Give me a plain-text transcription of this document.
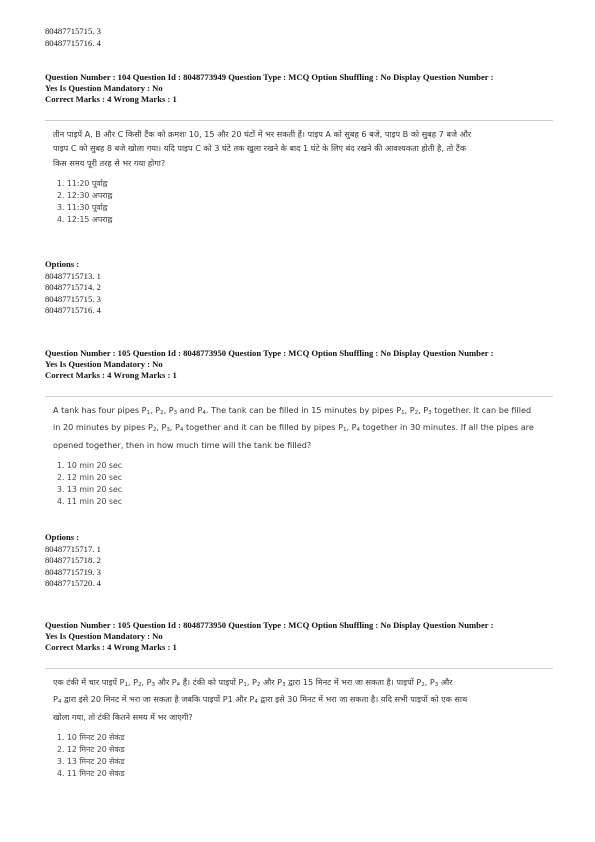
80487715715. 3
80487715716. 4
Question Number : 104 Question Id : 8048773949 Question Type : MCQ Option Shuffling : No Display Question Number :
Yes Is Question Mandatory : No
Correct Marks : 4 Wrong Marks : 1

तीन पाइपें A, B और C किसी टैंक को क्रमशः 10, 15 और 20 घंटों में भर सकती हैं। पाइप A को सुबह 6 बजे, पाइप B को सुबह 7 बजे और

पाइप C को सुबह 8 बजे खोला गया। यदि पाइप C को 3 घंटे तक खुला रखने के बाद 1 घंटे के लिए बंद रखने की आवश्यकता होती है, तो टैंक

किस समय पूरी तरह से भर गया होगा?

1. 11:20 पूर्वाह्न
2. 12:30 अपराह्न
3. 11:30 पूर्वाह्न
4. 12:15 अपराह्न
Options :
80487715713. 1
80487715714. 2
80487715715. 3
80487715716. 4
Question Number : 105 Question Id : 8048773950 Question Type : MCQ Option Shuffling : No Display Question Number :
Yes Is Question Mandatory : No
Correct Marks : 4 Wrong Marks : 1

A tank has four pipes $P_1$, $P_2$, $P_3$ and $P_4$. The tank can be filled in 15 minutes by pipes $P_1$, $P_2$, $P_3$ together. It can be filled

in 20 minutes by pipes $P_2$, $P_3$, $P_4$ together and it can be filled by pipes $P_1$, $P_4$ together in 30 minutes. If all the pipes are

opened together, then in how much time will the tank be filled?

1. 10 min 20 sec
2. 12 min 20 sec
3. 13 min 20 sec
4. 11 min 20 sec
Options :
80487715717. 1
80487715718. 2
80487715719. 3
80487715720. 4
Question Number : 105 Question Id : 8048773950 Question Type : MCQ Option Shuffling : No Display Question Number :
Yes Is Question Mandatory : No
Correct Marks : 4 Wrong Marks : 1

एक टंकी में चार पाइपें $P_1$, $P_2$, $P_3$ और $P_4$ हैं। टंकी को पाइपों $P_1$, $P_2$ और $P_3$ द्वारा 15 मिनट में भरा जा सकता है। पाइपों $P_2$, $P_3$ और

$P_4$ द्वारा इसे 20 मिनट में भरा जा सकता है जबकि पाइपों P1 और $P_4$ द्वारा इसे 30 मिनट में भरा जा सकता है। यदि सभी पाइपों को एक साथ

खोला गया, तो टंकी कितने समय में भर जाएगी?

1. 10 मिनट 20 सेकंड
2. 12 मिनट 20 सेकंड
3. 13 मिनट 20 सेकंड
4. 11 मिनट 20 सेकंड
